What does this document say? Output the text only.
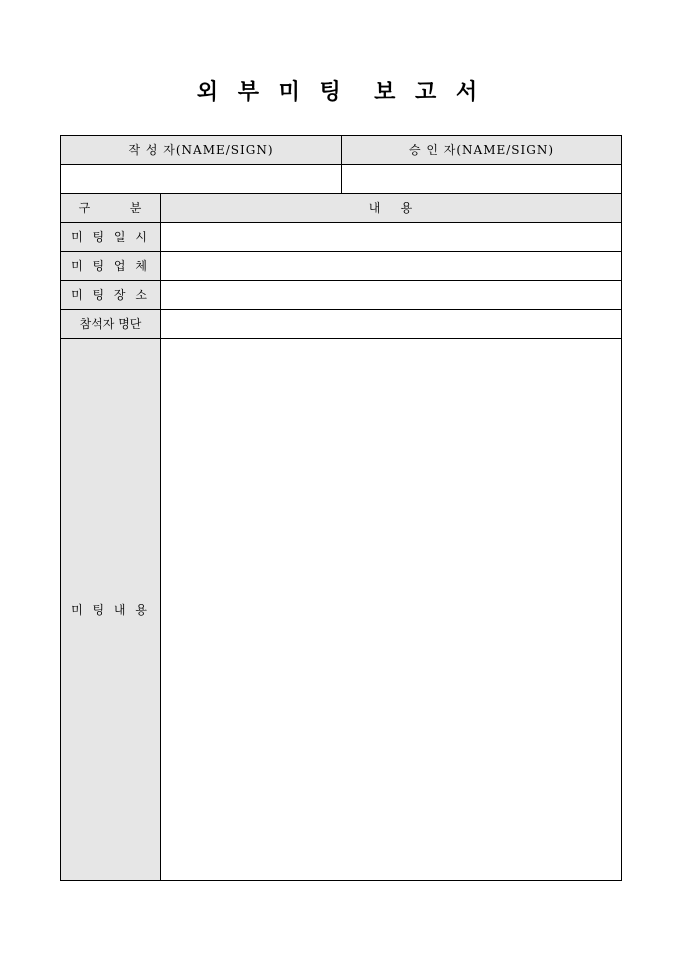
외 부 미 팅  보 고 서
작 성 자(NAME/SIGN)		승 인 자(NAME/SIGN)

구        분	내    용	
미 팅 일 시		
미 팅 업 체		
미 팅 장 소		
참석자 명단		
미 팅 내 용		
